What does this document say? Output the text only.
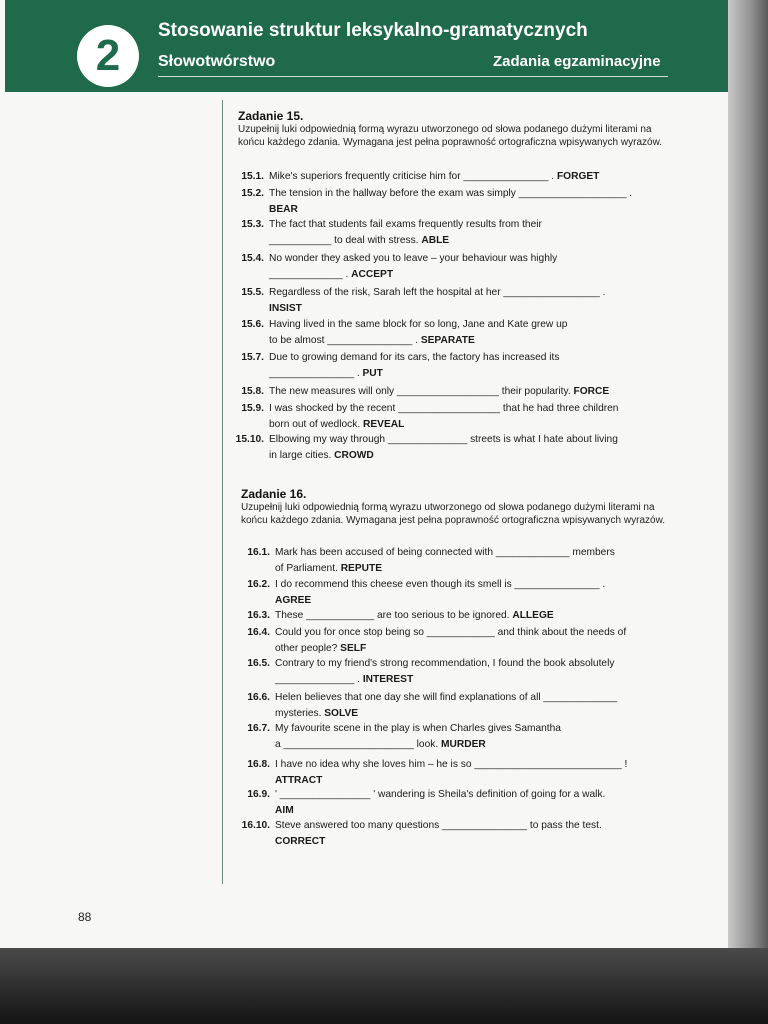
2
Stosowanie struktur leksykalno-gramatycznych
Słowotwórstwo	Zadania egzaminacyjne
Zadanie 15.
Uzupełnij luki odpowiednią formą wyrazu utworzonego od słowa podanego dużymi literami na końcu każdego zdania. Wymagana jest pełna poprawność ortograficzna wpisywanych wyrazów.
15.1. Mike's superiors frequently criticise him for _______________ . FORGET
15.2. The tension in the hallway before the exam was simply ___________________ .
BEAR
15.3. The fact that students fail exams frequently results from their
___________ to deal with stress. ABLE
15.4. No wonder they asked you to leave – your behaviour was highly
_____________ . ACCEPT
15.5. Regardless of the risk, Sarah left the hospital at her _________________ .
INSIST
15.6. Having lived in the same block for so long, Jane and Kate grew up
to be almost _______________ . SEPARATE
15.7. Due to growing demand for its cars, the factory has increased its
_______________ . PUT
15.8. The new measures will only __________________ their popularity. FORCE
15.9. I was shocked by the recent __________________ that he had three children
born out of wedlock. REVEAL
15.10. Elbowing my way through ______________ streets is what I hate about living
in large cities. CROWD
Zadanie 16.
Uzupełnij luki odpowiednią formą wyrazu utworzonego od słowa podanego dużymi literami na końcu każdego zdania. Wymagana jest pełna poprawność ortograficzna wpisywanych wyrazów.
16.1. Mark has been accused of being connected with _____________ members
of Parliament. REPUTE
16.2. I do recommend this cheese even though its smell is _______________ .
AGREE
16.3. These ____________ are too serious to be ignored. ALLEGE
16.4. Could you for once stop being so ____________ and think about the needs of
other people? SELF
16.5. Contrary to my friend's strong recommendation, I found the book absolutely
______________ . INTEREST
16.6. Helen believes that one day she will find explanations of all _____________
mysteries. SOLVE
16.7. My favourite scene in the play is when Charles gives Samantha
a _______________________ look. MURDER
16.8. I have no idea why she loves him – he is so __________________________ !
ATTRACT
16.9. ' ________________ ' wandering is Sheila's definition of going for a walk.
AIM
16.10. Steve answered too many questions _______________ to pass the test.
CORRECT
88
